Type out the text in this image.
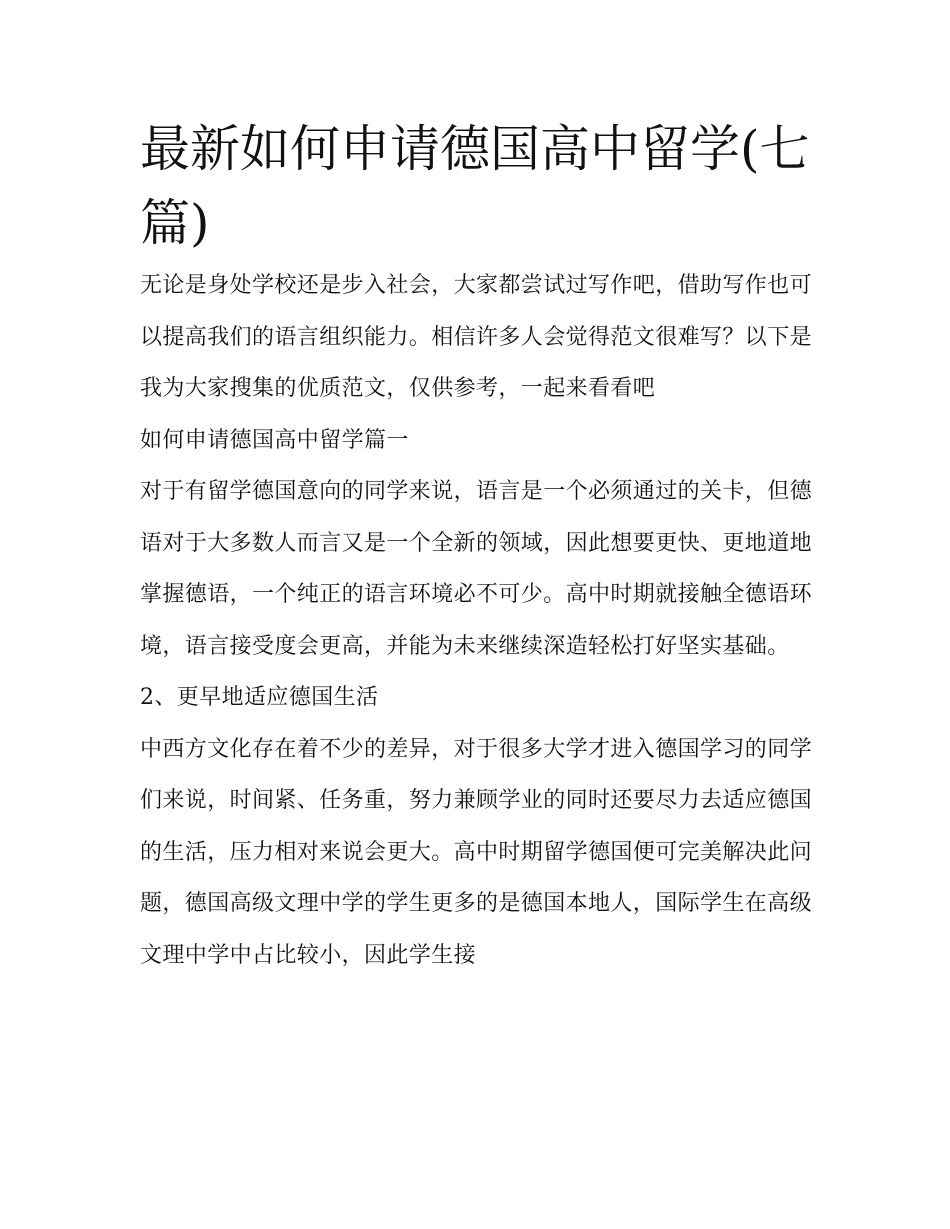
最新如何申请德国高中留学(七篇)

无论是身处学校还是步入社会，大家都尝试过写作吧，借助写作也可以提高我们的语言组织能力。相信许多人会觉得范文很难写？以下是我为大家搜集的优质范文，仅供参考，一起来看看吧

如何申请德国高中留学篇一

对于有留学德国意向的同学来说，语言是一个必须通过的关卡，但德语对于大多数人而言又是一个全新的领域，因此想要更快、更地道地掌握德语，一个纯正的语言环境必不可少。高中时期就接触全德语环境，语言接受度会更高，并能为未来继续深造轻松打好坚实基础。

2、更早地适应德国生活

中西方文化存在着不少的差异，对于很多大学才进入德国学习的同学们来说，时间紧、任务重，努力兼顾学业的同时还要尽力去适应德国的生活，压力相对来说会更大。高中时期留学德国便可完美解决此问题，德国高级文理中学的学生更多的是德国本地人，国际学生在高级文理中学中占比较小，因此学生接
